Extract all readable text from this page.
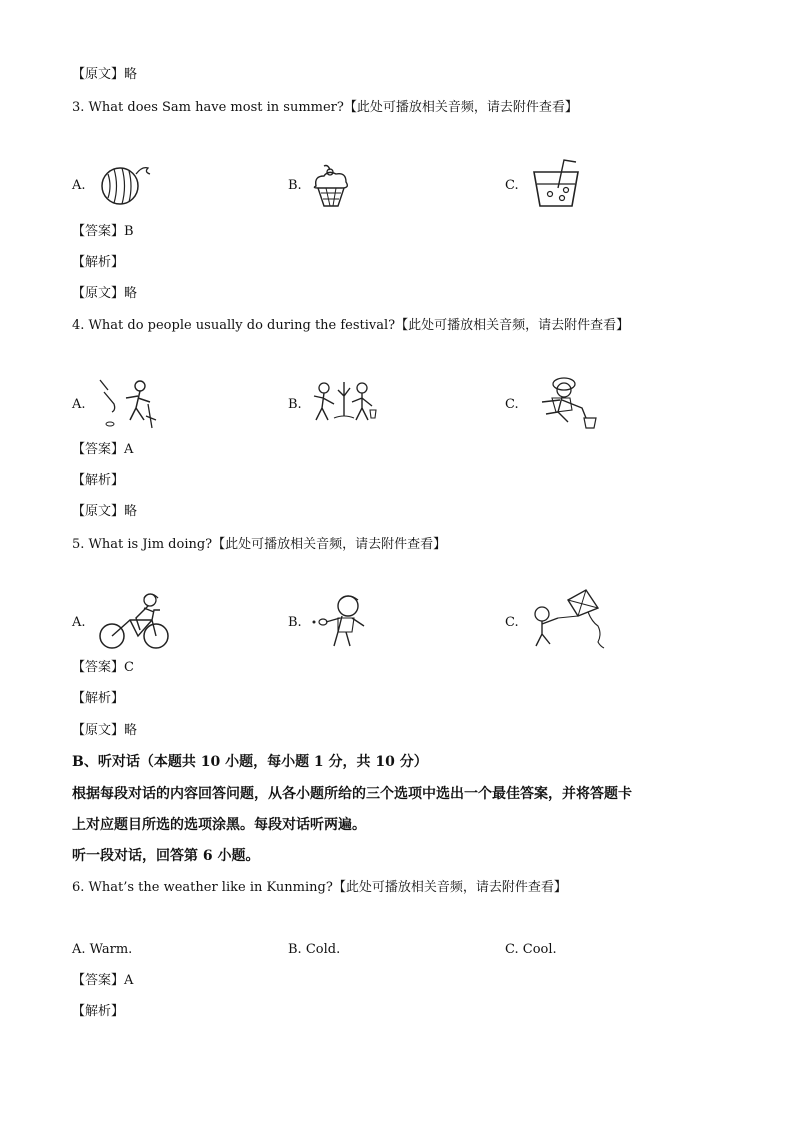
【原文】略
3. What does Sam have most in summer?【此处可播放相关音频，请去附件查看】
A.	B.	C.
【答案】B
【解析】
【原文】略
4. What do people usually do during the festival?【此处可播放相关音频，请去附件查看】
A.	B.	C.
【答案】A
【解析】
【原文】略
5. What is Jim doing?【此处可播放相关音频，请去附件查看】
A.	B.	C.
【答案】C
【解析】
【原文】略
B、听对话（本题共 10 小题，每小题 1 分，共 10 分）
根据每段对话的内容回答问题，从各小题所给的三个选项中选出一个最佳答案，并将答题卡
上对应题目所选的选项涂黑。每段对话听两遍。
听一段对话，回答第 6 小题。
6. What’s the weather like in Kunming?【此处可播放相关音频，请去附件查看】
A. Warm.	B. Cold.	C. Cool.
【答案】A
【解析】
